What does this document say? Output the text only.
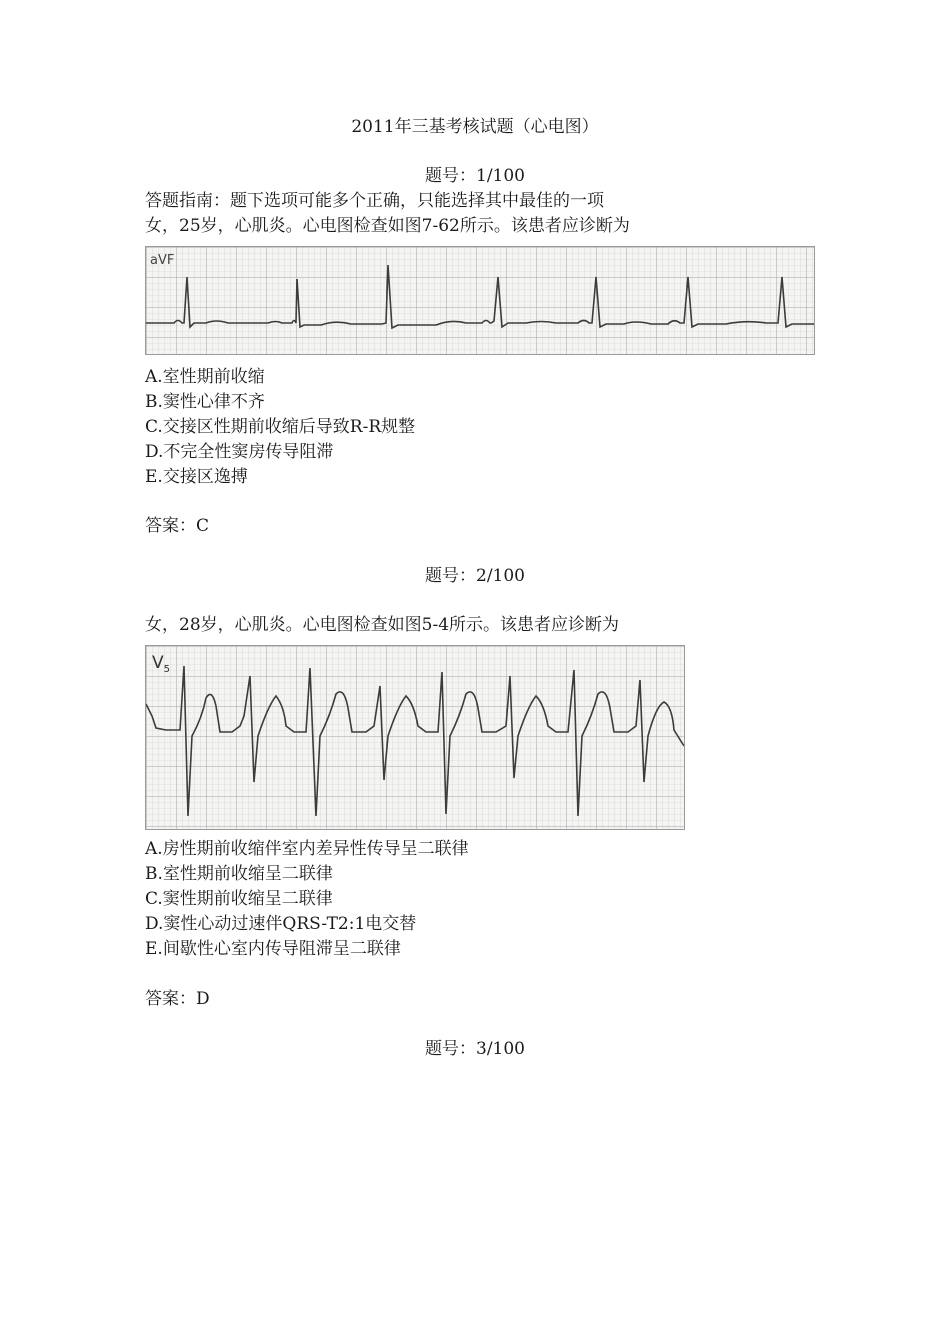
2011年三基考核试题（心电图）
题号：1/100
答题指南：题下选项可能多个正确，只能选择其中最佳的一项
女，25岁，心肌炎。心电图检查如图7-62所示。该患者应诊断为
aVF
A.室性期前收缩
B.窦性心律不齐
C.交接区性期前收缩后导致R-R规整
D.不完全性窦房传导阻滞
E.交接区逸搏
答案：C
题号：2/100
女，28岁，心肌炎。心电图检查如图5-4所示。该患者应诊断为
$V_5$
A.房性期前收缩伴室内差异性传导呈二联律
B.室性期前收缩呈二联律
C.窦性期前收缩呈二联律
D.窦性心动过速伴QRS-T2:1电交替
E.间歇性心室内传导阻滞呈二联律
答案：D
题号：3/100
